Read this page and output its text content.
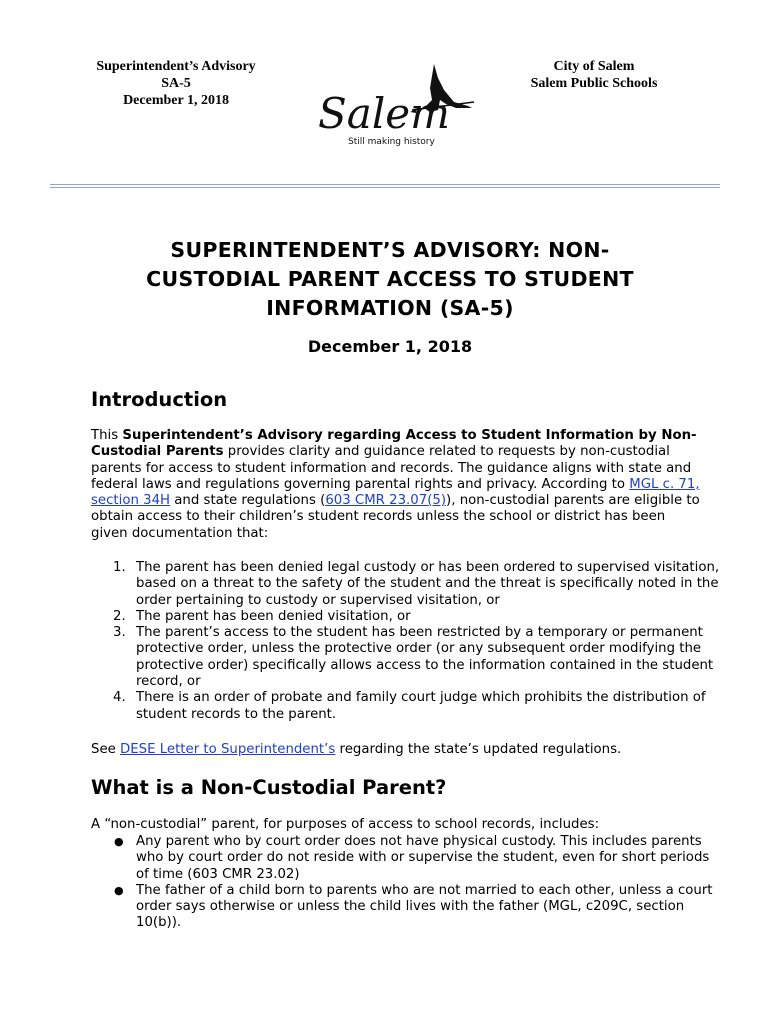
Superintendent’s Advisory
SA-5
December 1, 2018	Salem
Still making history
City of Salem
Salem Public Schools
SUPERINTENDENT’S ADVISORY: NON-
CUSTODIAL PARENT ACCESS TO STUDENT
INFORMATION (SA-5)
December 1, 2018
Introduction

This Superintendent’s Advisory regarding Access to Student Information by Non-Custodial Parents provides clarity and guidance related to requests by non-custodial parents for access to student information and records. The guidance aligns with state and federal laws and regulations governing parental rights and privacy. According to MGL c. 71, section 34H and state regulations (603 CMR 23.07(5)), non-custodial parents are eligible to obtain access to their children’s student records unless the school or district has been given documentation that:

1. The parent has been denied legal custody or has been ordered to supervised visitation, based on a threat to the safety of the student and the threat is specifically noted in the order pertaining to custody or supervised visitation, or
2. The parent has been denied visitation, or
3. The parent’s access to the student has been restricted by a temporary or permanent protective order, unless the protective order (or any subsequent order modifying the protective order) specifically allows access to the information contained in the student record, or
4. There is an order of probate and family court judge which prohibits the distribution of student records to the parent.

See DESE Letter to Superintendent’s regarding the state’s updated regulations.

What is a Non-Custodial Parent?

A “non-custodial” parent, for purposes of access to school records, includes:

● Any parent who by court order does not have physical custody. This includes parents who by court order do not reside with or supervise the student, even for short periods of time (603 CMR 23.02)
● The father of a child born to parents who are not married to each other, unless a court order says otherwise or unless the child lives with the father (MGL, c209C, section 10(b)).
